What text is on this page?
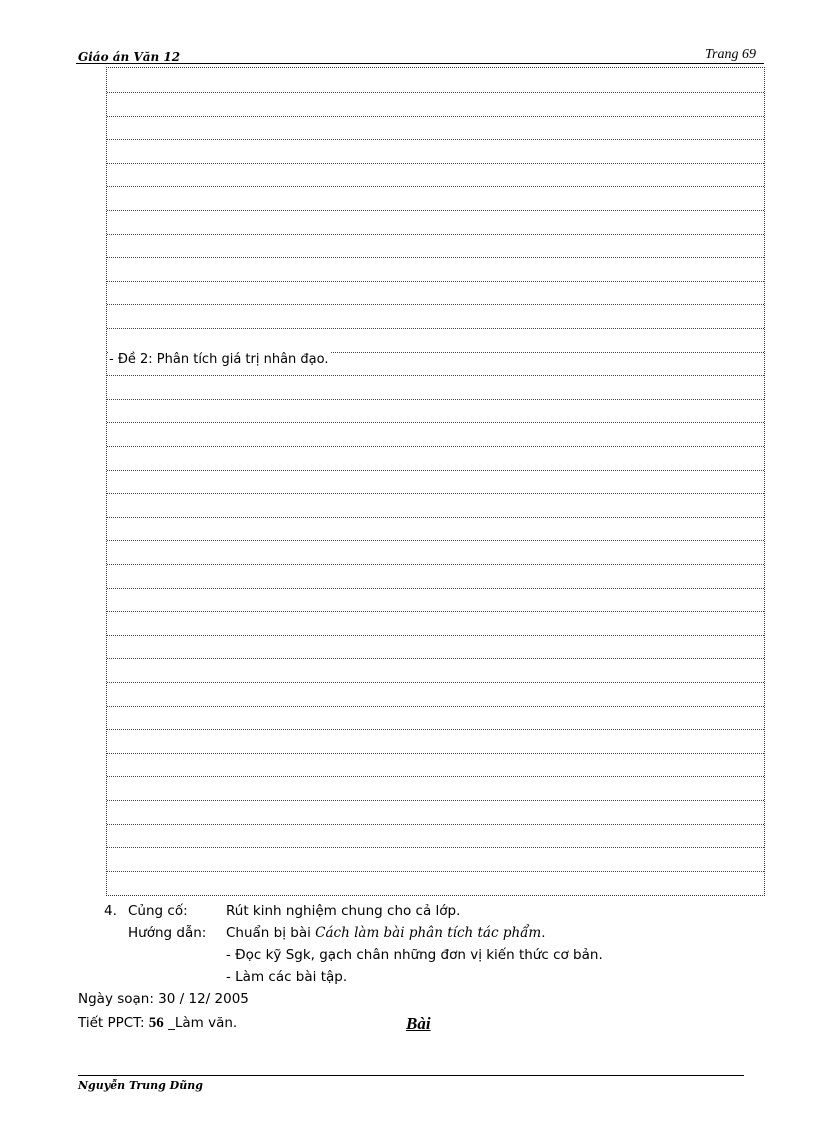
Giáo án Văn 12	Trang 69
- Đề 2: Phân tích giá trị nhân đạo.
4. Củng cố:	Rút kinh nghiệm chung cho cả lớp.
Hướng dẫn: Chuẩn bị bài Cách làm bài phân tích tác phẩm.
- Đọc kỹ Sgk, gạch chân những đơn vị kiến thức cơ bản.
- Làm các bài tập.
Ngày soạn: 30 / 12/ 2005
Tiết PPCT: 56 _Làm văn.	Bài
Nguyễn Trung Dũng
